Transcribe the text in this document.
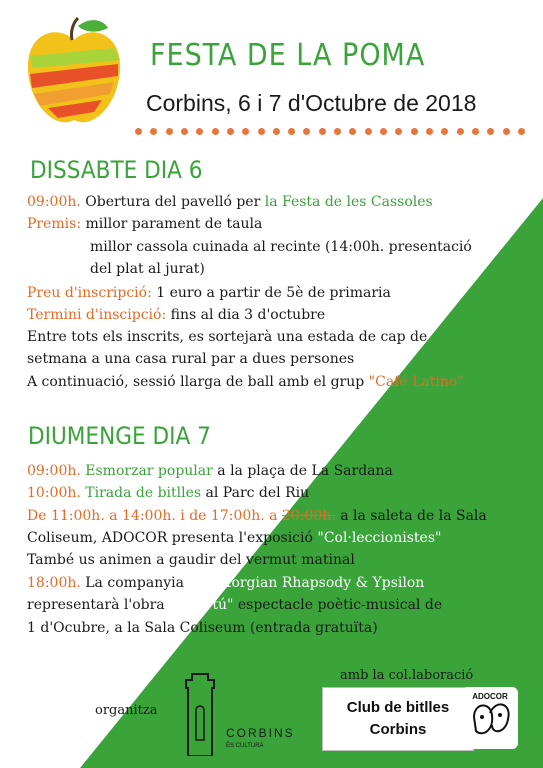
FESTA DE LA POMA
Corbins, 6 i 7 d'Octubre de 2018
DISSABTE DIA 6
09:00h. Obertura del pavelló per la Festa de les Cassoles
Premis: millor parament de taula
millor cassola cuinada al recinte (14:00h. presentació
del plat al jurat)
Preu d'inscripció: 1 euro a partir de 5è de primaria
Termini d'inscipció: fins al dia 3 d'octubre
Entre tots els inscrits, es sortejarà una estada de cap de
setmana a una casa rural par a dues persones
A continuació, sessió llarga de ball amb el grup "Café Latino"
DIUMENGE DIA 7
09:00h. Esmorzar popular a la plaça de La Sardana
10:00h. Tirada de bitlles al Parc del Riu
De 11:00h. a 14:00h. i de 17:00h. a 20:00h. a la saleta de la Sala
Coliseum, ADOCOR presenta l'exposició "Col·leccionistes"
També us animen a gaudir del vermut matinal
18:00h. La companyia Vacalforgian Rhapsody & Ypsilon
representarà l'obra "Amb tú" espectacle poètic-musical de
1 d'Ocubre, a la Sala Coliseum (entrada gratuïta)
organitza
CORBINS
ÉS CULTURA
amb la col.laboració
Club de bitlles
Corbins
ADOCOR
